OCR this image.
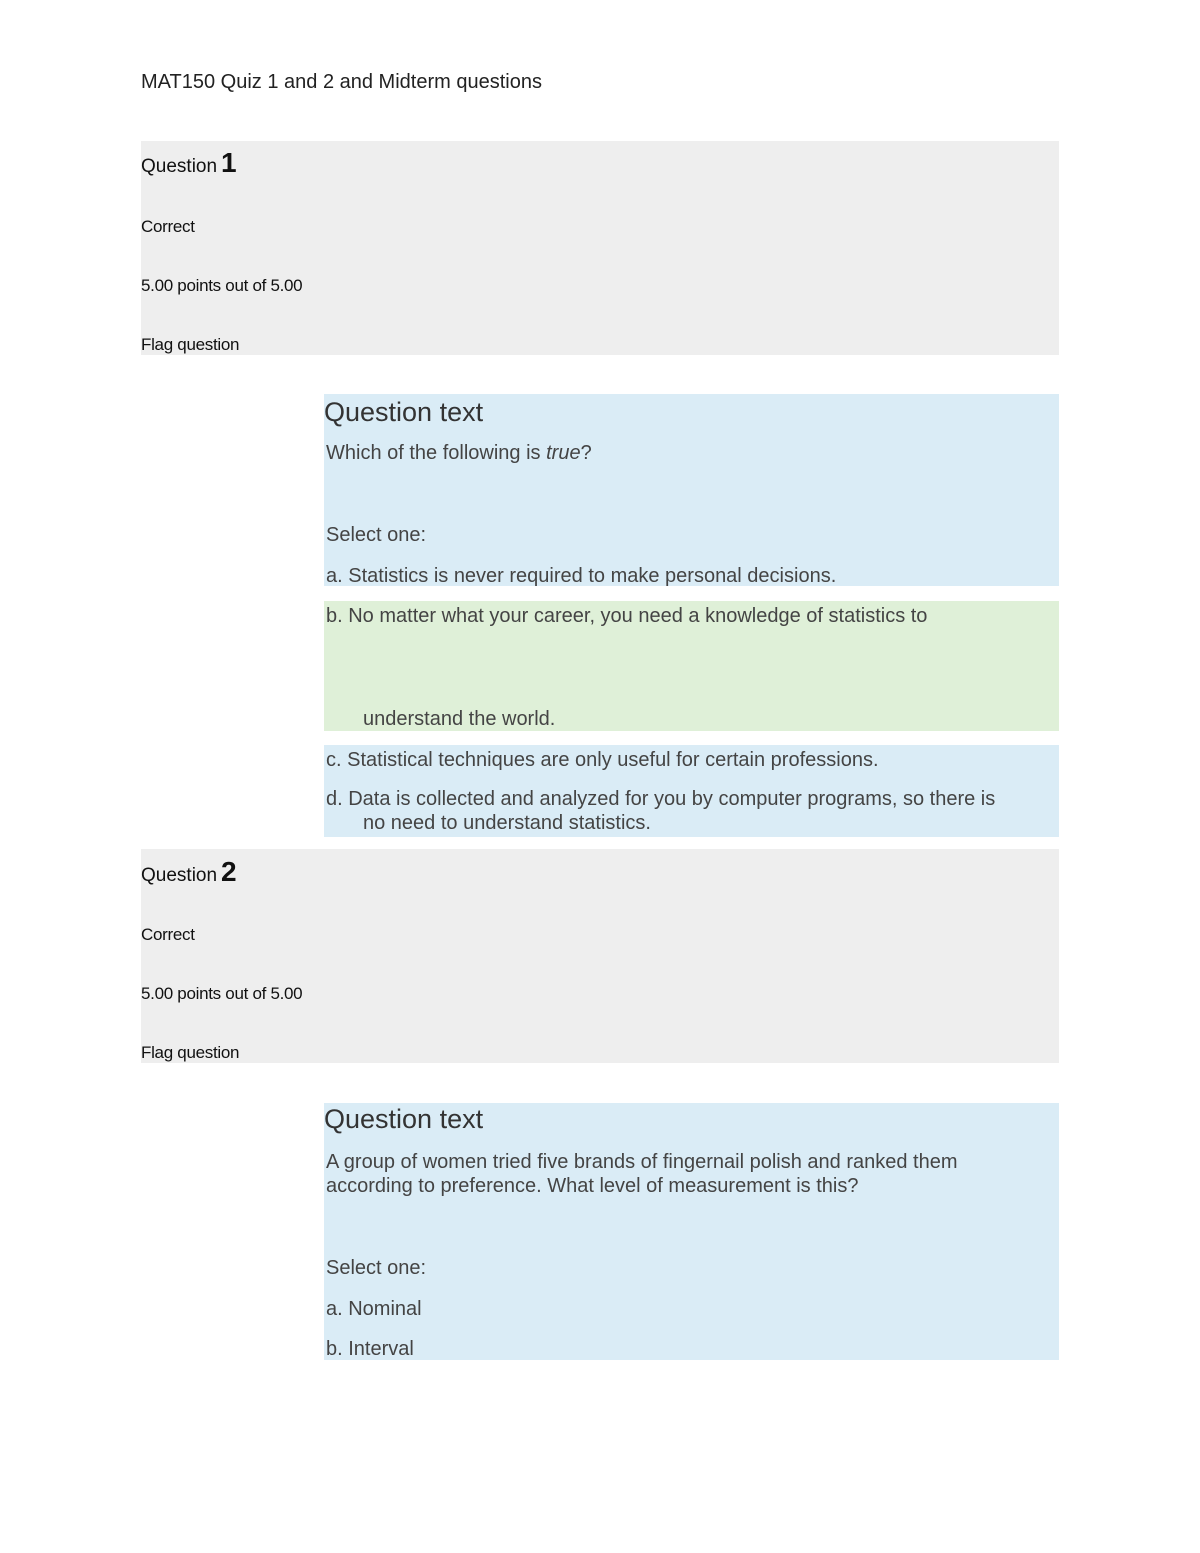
MAT150 Quiz 1 and 2 and Midterm questions
Question 1
Correct
5.00 points out of 5.00
Flag question
Question text
Which of the following is true?
Select one:
a. Statistics is never required to make personal decisions.
b. No matter what your career, you need a knowledge of statistics to
understand the world.
c. Statistical techniques are only useful for certain professions.
d. Data is collected and analyzed for you by computer programs, so there is
no need to understand statistics.
Question 2
Correct
5.00 points out of 5.00
Flag question
Question text
A group of women tried five brands of fingernail polish and ranked them
according to preference. What level of measurement is this?
Select one:
a. Nominal
b. Interval
